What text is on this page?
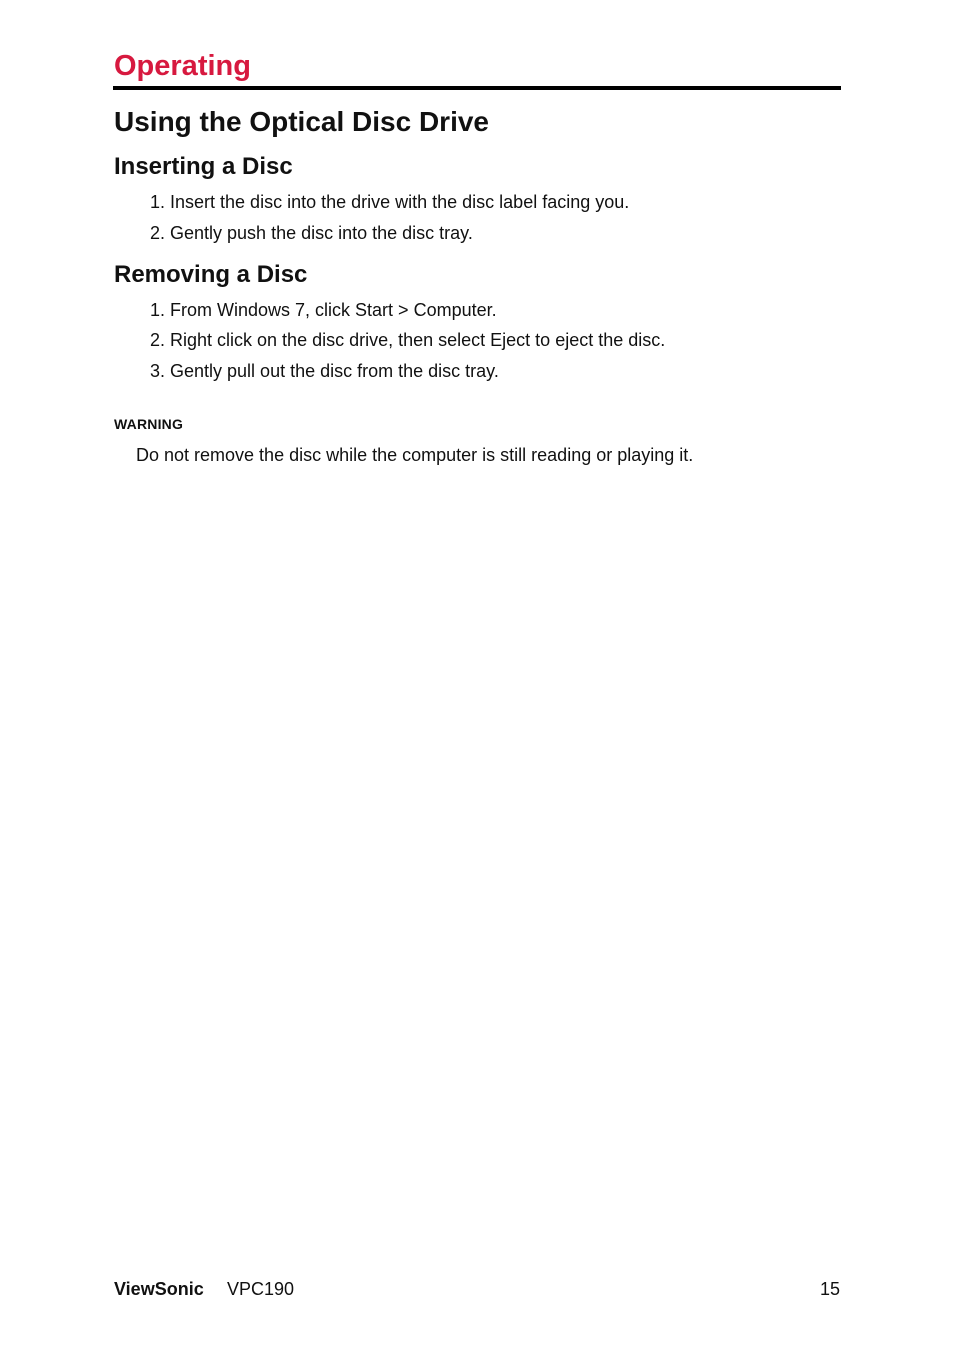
Operating
Using the Optical Disc Drive
Inserting a Disc

1. Insert the disc into the drive with the disc label facing you.

2. Gently push the disc into the disc tray.

Removing a Disc

1. From Windows 7, click Start > Computer.

2. Right click on the disc drive, then select Eject to eject the disc.

3. Gently pull out the disc from the disc tray.

WARNING
Do not remove the disc while the computer is still reading or playing it.
ViewSonic VPC190	15
